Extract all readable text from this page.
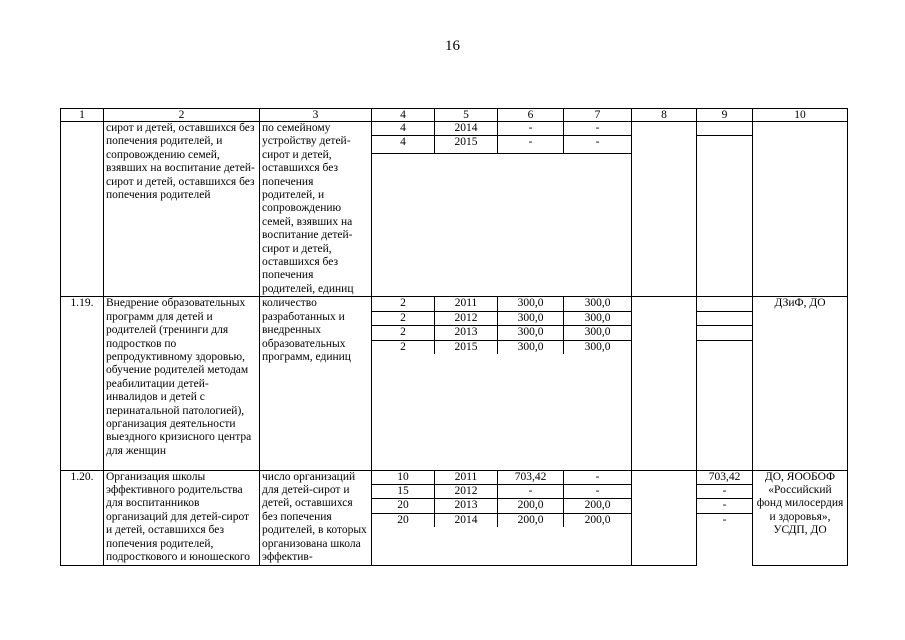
16
1	2	3	4	5	6	7	8	9	10
	сирот и детей, оставшихся без попечения родителей, и сопровождению семей, взявших на воспитание детей-сирот и детей, оставшихся без попечения родителей	по семейному устройству детей-сирот и детей, оставшихся без попечения родителей, и сопровождению семей, взявших на воспитание детей-сирот и детей, оставшихся без попечения родителей, единиц	4	2014	-	-			
			4	2015	-	-			

1.19.	Внедрение образовательных программ для детей и родителей (тренинги для подростков по репродуктивному здоровью, обучение родителей методам реабилитации детей-инвалидов и детей с перинатальной патологией), организация деятельности выездного кризисного центра для женщин	количество разработанных и внедренных образовательных программ, единиц	2	2011	300,0	300,0			ДЗиФ, ДО
			2	2012	300,0	300,0			
			2	2013	300,0	300,0			
			2	2015	300,0	300,0			

1.20.	Организация школы эффективного родительства для воспитанников организаций для детей-сирот и детей, оставшихся без попечения родителей, подросткового и юношеского	число организаций для детей-сирот и детей, оставшихся без попечения родителей, в которых организована школа эффектив-	10	2011	703,42	-		703,42	ДО, ЯООБОФ «Российский фонд милосердия и здоровья», УСДП, ДО
			15	2012	-	-		-	
			20	2013	200,0	200,0		-	
			20	2014	200,0	200,0		-	
